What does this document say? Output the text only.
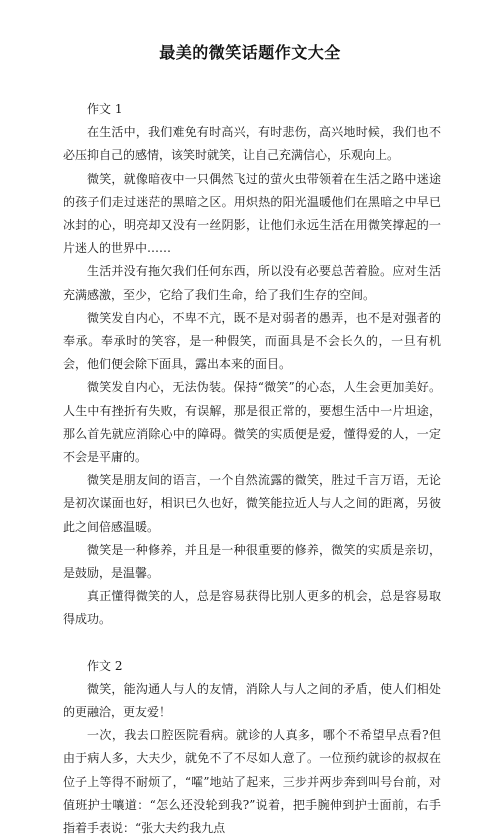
最美的微笑话题作文大全
作文 1

在生活中，我们难免有时高兴，有时悲伤，高兴地时候，我们也不必压抑自己的感情，该笑时就笑，让自己充满信心，乐观向上。

微笑，就像暗夜中一只偶然飞过的萤火虫带领着在生活之路中迷途的孩子们走过迷茫的黑暗之区。用炽热的阳光温暖他们在黑暗之中早已冰封的心，明亮却又没有一丝阴影，让他们永远生活在用微笑撑起的一片迷人的世界中……

生活并没有拖欠我们任何东西，所以没有必要总苦着脸。应对生活充满感激，至少，它给了我们生命，给了我们生存的空间。

微笑发自内心，不卑不亢，既不是对弱者的愚弄，也不是对强者的奉承。奉承时的笑容，是一种假笑，而面具是不会长久的，一旦有机会，他们便会除下面具，露出本来的面目。

微笑发自内心，无法伪装。保持“微笑”的心态，人生会更加美好。人生中有挫折有失败，有误解，那是很正常的，要想生活中一片坦途，那么首先就应消除心中的障碍。微笑的实质便是爱，懂得爱的人，一定不会是平庸的。

微笑是朋友间的语言，一个自然流露的微笑，胜过千言万语，无论是初次谋面也好，相识已久也好，微笑能拉近人与人之间的距离，另彼此之间倍感温暖。

微笑是一种修养，并且是一种很重要的修养，微笑的实质是亲切，是鼓励，是温馨。

真正懂得微笑的人，总是容易获得比别人更多的机会，总是容易取得成功。

作文 2

微笑，能沟通人与人的友情，消除人与人之间的矛盾，使人们相处的更融洽，更友爱！

一次，我去口腔医院看病。就诊的人真多，哪个不希望早点看?但由于病人多，大夫少，就免不了不尽如人意了。一位预约就诊的叔叔在位子上等得不耐烦了，“嚯”地站了起来，三步并两步奔到叫号台前，对值班护士嚷道：“怎么还没轮到我?”说着，把手腕伸到护士面前，右手指着手表说：“张大夫约我九点
